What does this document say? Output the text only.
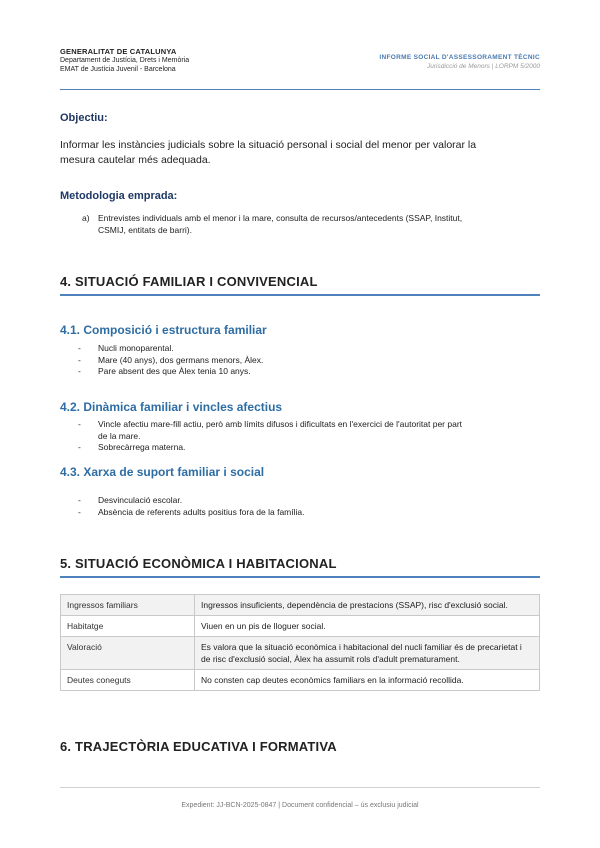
GENERALITAT DE CATALUNYA
Departament de Justícia, Drets i Memòria
EMAT de Justícia Juvenil - Barcelona
INFORME SOCIAL D'ASSESSORAMENT TÈCNIC
Jurisdicció de Menors | LORPM 5/2000
Objectiu:
Informar les instàncies judicials sobre la situació personal i social del menor per valorar la
mesura cautelar més adequada.
Metodologia emprada:
a) Entrevistes individuals amb el menor i la mare, consulta de recursos/antecedents (SSAP, Institut,
CSMIJ, entitats de barri).
4. SITUACIÓ FAMILIAR I CONVIVENCIAL
4.1. Composició i estructura familiar
- Nucli monoparental.
- Mare (40 anys), dos germans menors, Àlex.
- Pare absent des que Àlex tenia 10 anys.
4.2. Dinàmica familiar i vincles afectius
- Vincle afectiu mare-fill actiu, però amb límits difusos i dificultats en l'exercici de l'autoritat per part
de la mare.
- Sobrecàrrega materna.
4.3. Xarxa de suport familiar i social
- Desvinculació escolar.
- Absència de referents adults positius fora de la família.
5. SITUACIÓ ECONÒMICA I HABITACIONAL
Ingressos familiars	Ingressos insuficients, dependència de prestacions (SSAP), risc d'exclusió social.
Habitatge	Viuen en un pis de lloguer social.
Valoració	Es valora que la situació econòmica i habitacional del nucli familiar és de precarietat i de risc d'exclusió social, Àlex ha assumit rols d'adult prematurament.
Deutes coneguts	No consten cap deutes econòmics familiars en la informació recollida.
6. TRAJECTÒRIA EDUCATIVA I FORMATIVA
Expedient: JJ-BCN-2025-0847 | Document confidencial – ús exclusiu judicial
